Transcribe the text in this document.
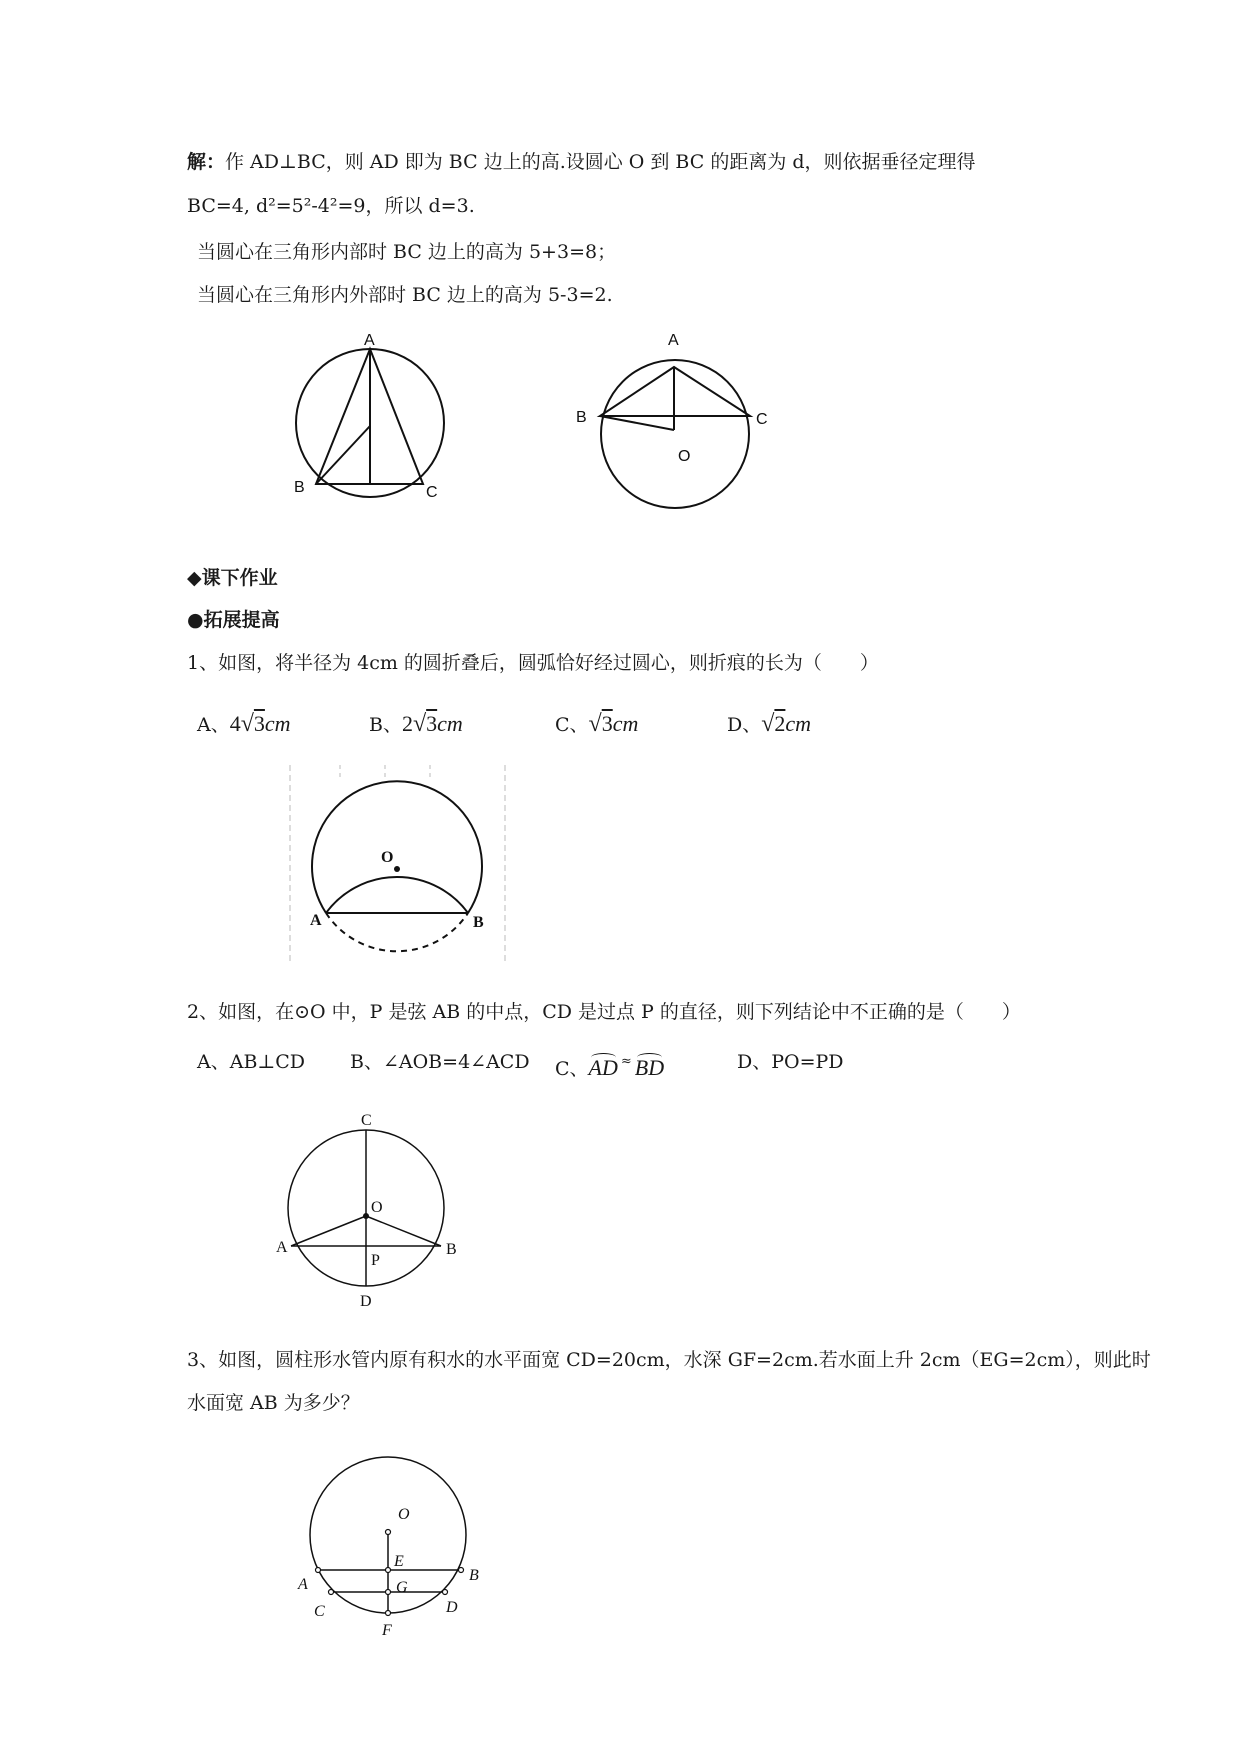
解：作 AD⊥BC，则 AD 即为 BC 边上的高.设圆心 O 到 BC 的距离为 d，则依据垂径定理得
BC=4, d²=5²-4²=9，所以 d=3.
当圆心在三角形内部时 BC 边上的高为 5+3=8；
当圆心在三角形内外部时 BC 边上的高为 5-3=2.
A
B	C
A
B	C
O
◆课下作业
●拓展提高
1、如图，将半径为 4cm 的圆折叠后，圆弧恰好经过圆心，则折痕的长为（　　）
A、4√3cm	B、2√3cm	C、√3cm	D、√2cm
O
A	B
2、如图，在⊙O 中，P 是弦 AB 的中点，CD 是过点 P 的直径，则下列结论中不正确的是（　　）
A、AB⊥CD B、∠AOB=4∠ACD C、AD ≈ BD	D、PO=PD
C
O
A	B
P
D
3、如图，圆柱形水管内原有积水的水平面宽 CD=20cm，水深 GF=2cm.若水面上升 2cm（EG=2cm），则此时
水面宽 AB 为多少？
O
E
A
B
G
C	D
F
